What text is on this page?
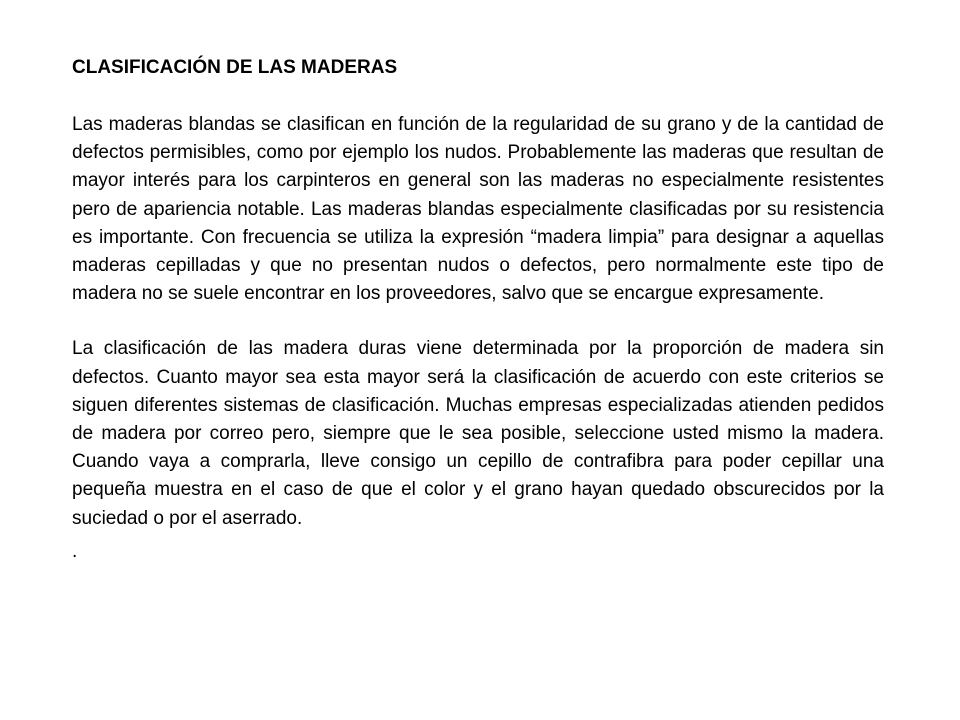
CLASIFICACIÓN DE LAS MADERAS

Las maderas blandas se clasifican en función de la regularidad de su grano y de la cantidad de defectos permisibles, como por ejemplo los nudos. Probablemente las maderas que resultan de mayor interés para los carpinteros en general son las maderas no especialmente resistentes pero de apariencia notable. Las maderas blandas especialmente clasificadas por su resistencia es importante. Con frecuencia se utiliza la expresión “madera limpia” para designar a aquellas maderas cepilladas y que no presentan nudos o defectos, pero normalmente este tipo de madera no se suele encontrar en los proveedores, salvo que se encargue expresamente.

La clasificación de las madera duras viene determinada por la proporción de madera sin defectos. Cuanto mayor sea esta mayor será la clasificación de acuerdo con este criterios se siguen diferentes sistemas de clasificación. Muchas empresas especializadas atienden pedidos de madera por correo pero, siempre que le sea posible, seleccione usted mismo la madera. Cuando vaya a comprarla, lleve consigo un cepillo de contrafibra para poder cepillar una pequeña muestra en el caso de que el color y el grano hayan quedado obscurecidos por la suciedad o por el aserrado.

.
